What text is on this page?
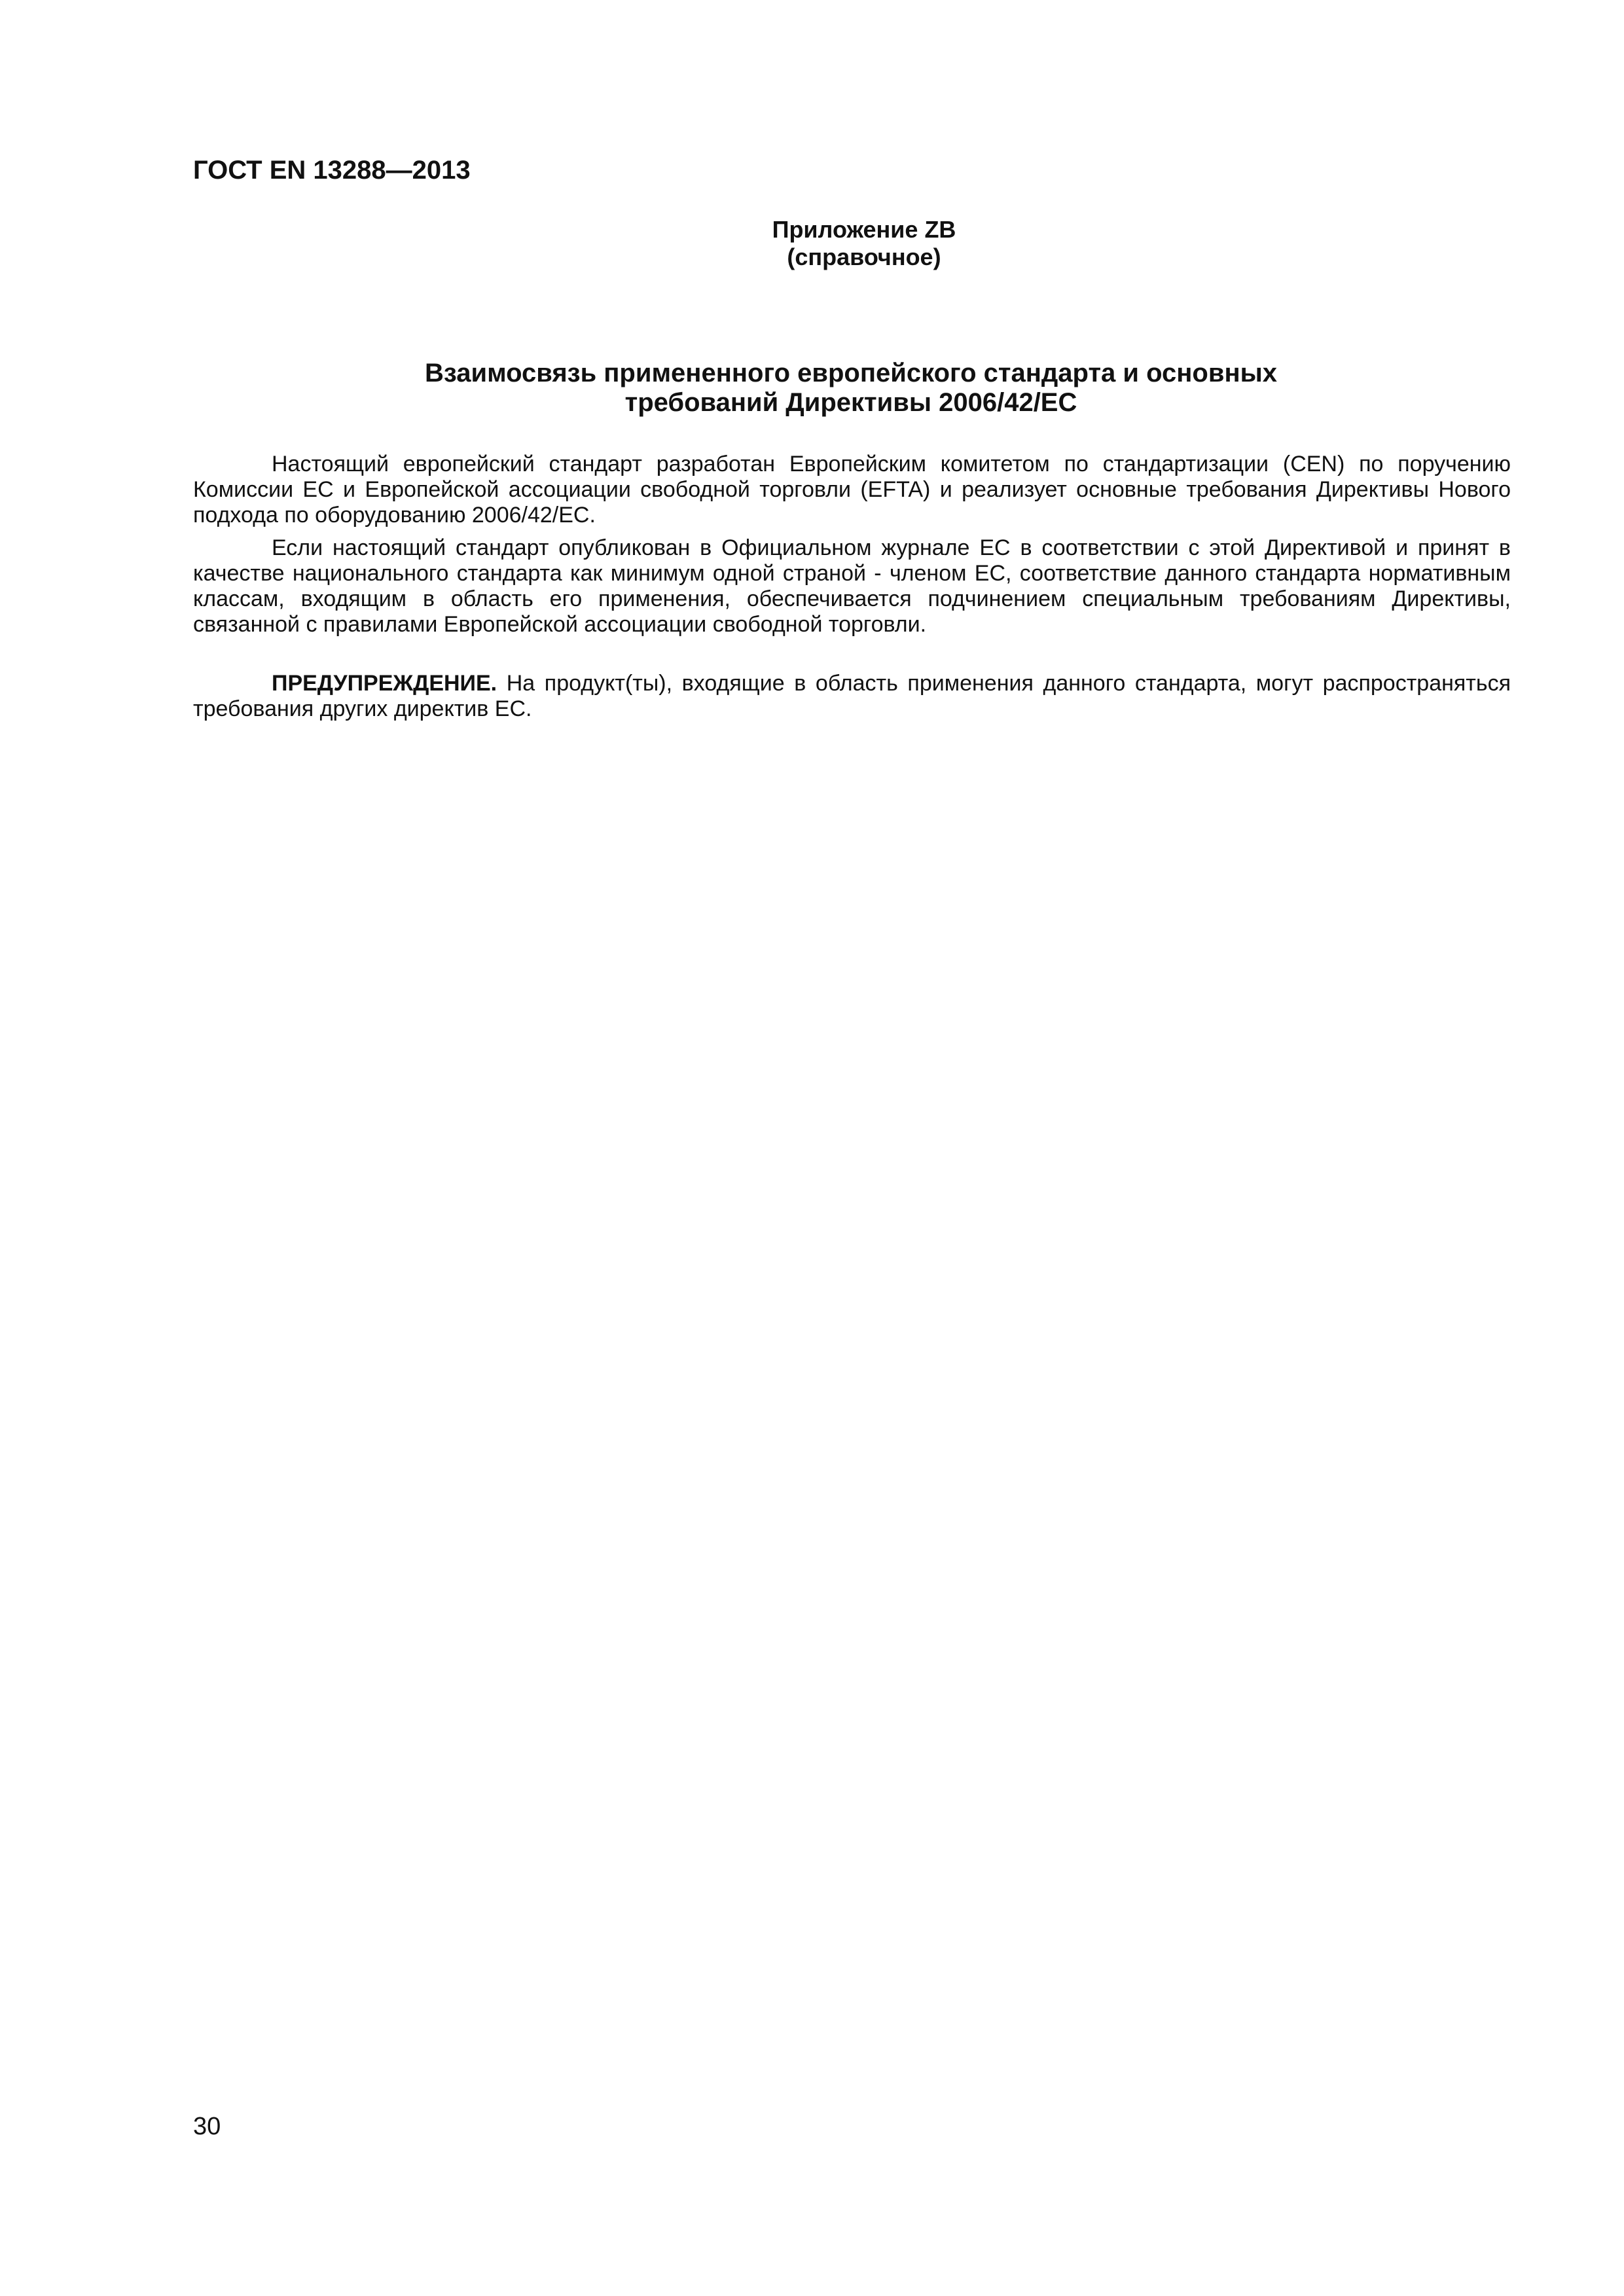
ГОСТ EN 13288—2013
Приложение ZB
(справочное)
Взаимосвязь примененного европейского стандарта и основных
требований Директивы 2006/42/ЕС

Настоящий европейский стандарт разработан Европейским комитетом по стандартизации (CEN) по поручению Комиссии ЕС и Европейской ассоциации свободной торговли (EFTA) и реализует основные требования Директивы Нового подхода по оборудованию 2006/42/ЕС.

Если настоящий стандарт опубликован в Официальном журнале ЕС в соответствии с этой Директивой и принят в качестве национального стандарта как минимум одной страной - членом ЕС, соответствие данного стандарта нормативным классам, входящим в область его применения, обеспечивается подчинением специальным требованиям Директивы, связанной с правилами Европейской ассоциации свободной торговли.

ПРЕДУПРЕЖДЕНИЕ. На продукт(ты), входящие в область применения данного стандарта, могут распространяться требования других директив ЕС.

30
